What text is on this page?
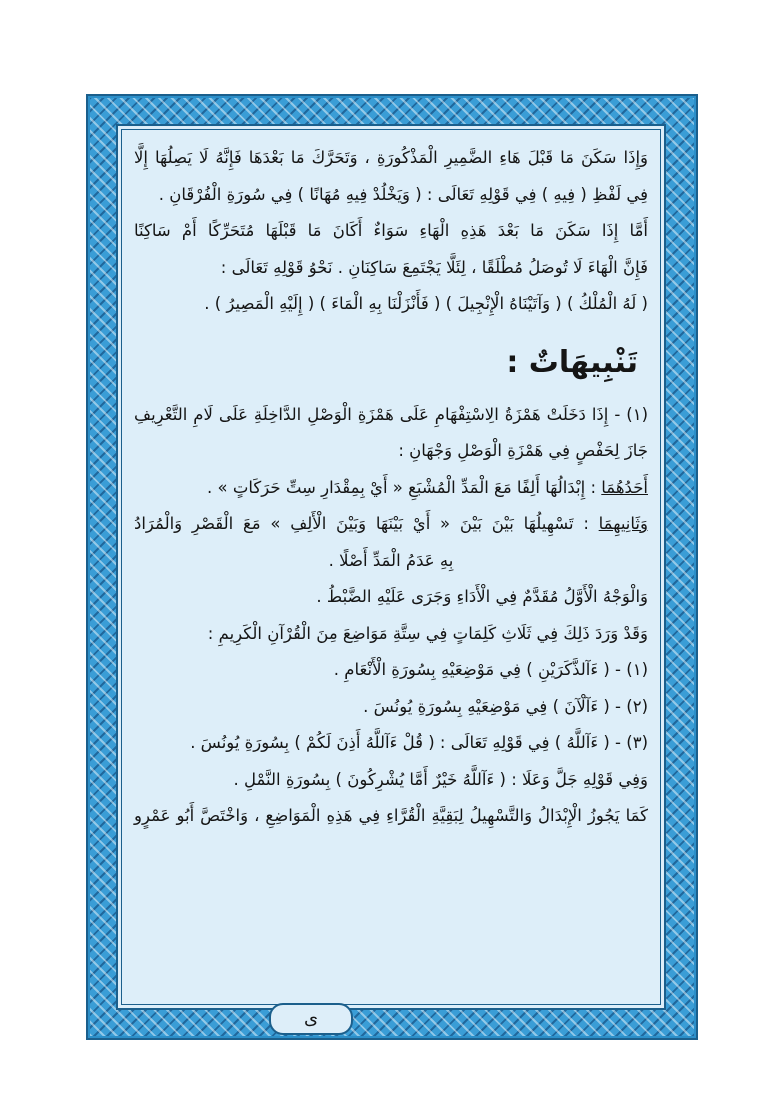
وَإِذَا سَكَنَ مَا قَبْلَ هَاءِ الضَّمِيرِ الْمَذْكُورَةِ ، وَتَحَرَّكَ مَا بَعْدَهَا فَإِنَّهُ لَا يَصِلُهَا إِلَّا
فِي لَفْظِ ( فِيهِ ) فِي قَوْلِهِ تَعَالَى : ( وَيَخْلُدْ فِيهِ مُهَانًا ) فِي سُورَةِ الْفُرْقَانِ .
أَمَّا إِذَا سَكَنَ مَا بَعْدَ هَذِهِ الْهَاءِ سَوَاءٌ أَكَانَ مَا قَبْلَهَا مُتَحَرِّكًا أَمْ سَاكِنًا
فَإِنَّ الْهَاءَ لَا تُوصَلُ مُطْلَقًا ، لِئَلَّا يَجْتَمِعَ سَاكِنَانِ . نَحْوُ قَوْلِهِ تَعَالَى :
( لَهُ الْمُلْكُ ) ( وَآتَيْنَاهُ الْإِنْجِيلَ ) ( فَأَنْزَلْنَا بِهِ الْمَاءَ ) ( إِلَيْهِ الْمَصِيرُ ) .
تَنْبِيهَاتٌ :
(١) - إِذَا دَخَلَتْ هَمْزَةُ الِاسْتِفْهَامِ عَلَى هَمْزَةِ الْوَصْلِ الدَّاخِلَةِ عَلَى لَامِ التَّعْرِيفِ
جَازَ لِحَفْصٍ فِي هَمْزَةِ الْوَصْلِ وَجْهَانِ :
أَحَدُهُمَا : إِبْدَالُهَا أَلِفًا مَعَ الْمَدِّ الْمُشْبَعِ « أَيْ بِمِقْدَارِ سِتِّ حَرَكَاتٍ » .
وَثَانِيهِمَا : تَسْهِيلُهَا بَيْنَ بَيْنَ « أَيْ بَيْنَهَا وَبَيْنَ الْأَلِفِ » مَعَ الْقَصْرِ وَالْمُرَادُ
بِهِ عَدَمُ الْمَدِّ أَصْلًا .
وَالْوَجْهُ الْأَوَّلُ مُقَدَّمٌ فِي الْأَدَاءِ وَجَرَى عَلَيْهِ الضَّبْطُ .
وَقَدْ وَرَدَ ذَلِكَ فِي ثَلَاثِ كَلِمَاتٍ فِي سِتَّةِ مَوَاضِعَ مِنَ الْقُرْآنِ الْكَرِيمِ :
(١) - ( ءَآلذَّكَرَيْنِ ) فِي مَوْضِعَيْهِ بِسُورَةِ الْأَنْعَامِ .
(٢) - ( ءَآلْآنَ ) فِي مَوْضِعَيْهِ بِسُورَةِ يُونُسَ .
(٣) - ( ءَآللَّهُ ) فِي قَوْلِهِ تَعَالَى : ( قُلْ ءَآللَّهُ أَذِنَ لَكُمْ ) بِسُورَةِ يُونُسَ .
وَفِي قَوْلِهِ جَلَّ وَعَلَا : ( ءَآللَّهُ خَيْرٌ أَمَّا يُشْرِكُونَ ) بِسُورَةِ النَّمْلِ .
كَمَا يَجُوزُ الْإِبْدَالُ وَالتَّسْهِيلُ لِبَقِيَّةِ الْقُرَّاءِ فِي هَذِهِ الْمَوَاضِعِ ، وَاخْتَصَّ أَبُو عَمْرٍو
ى
